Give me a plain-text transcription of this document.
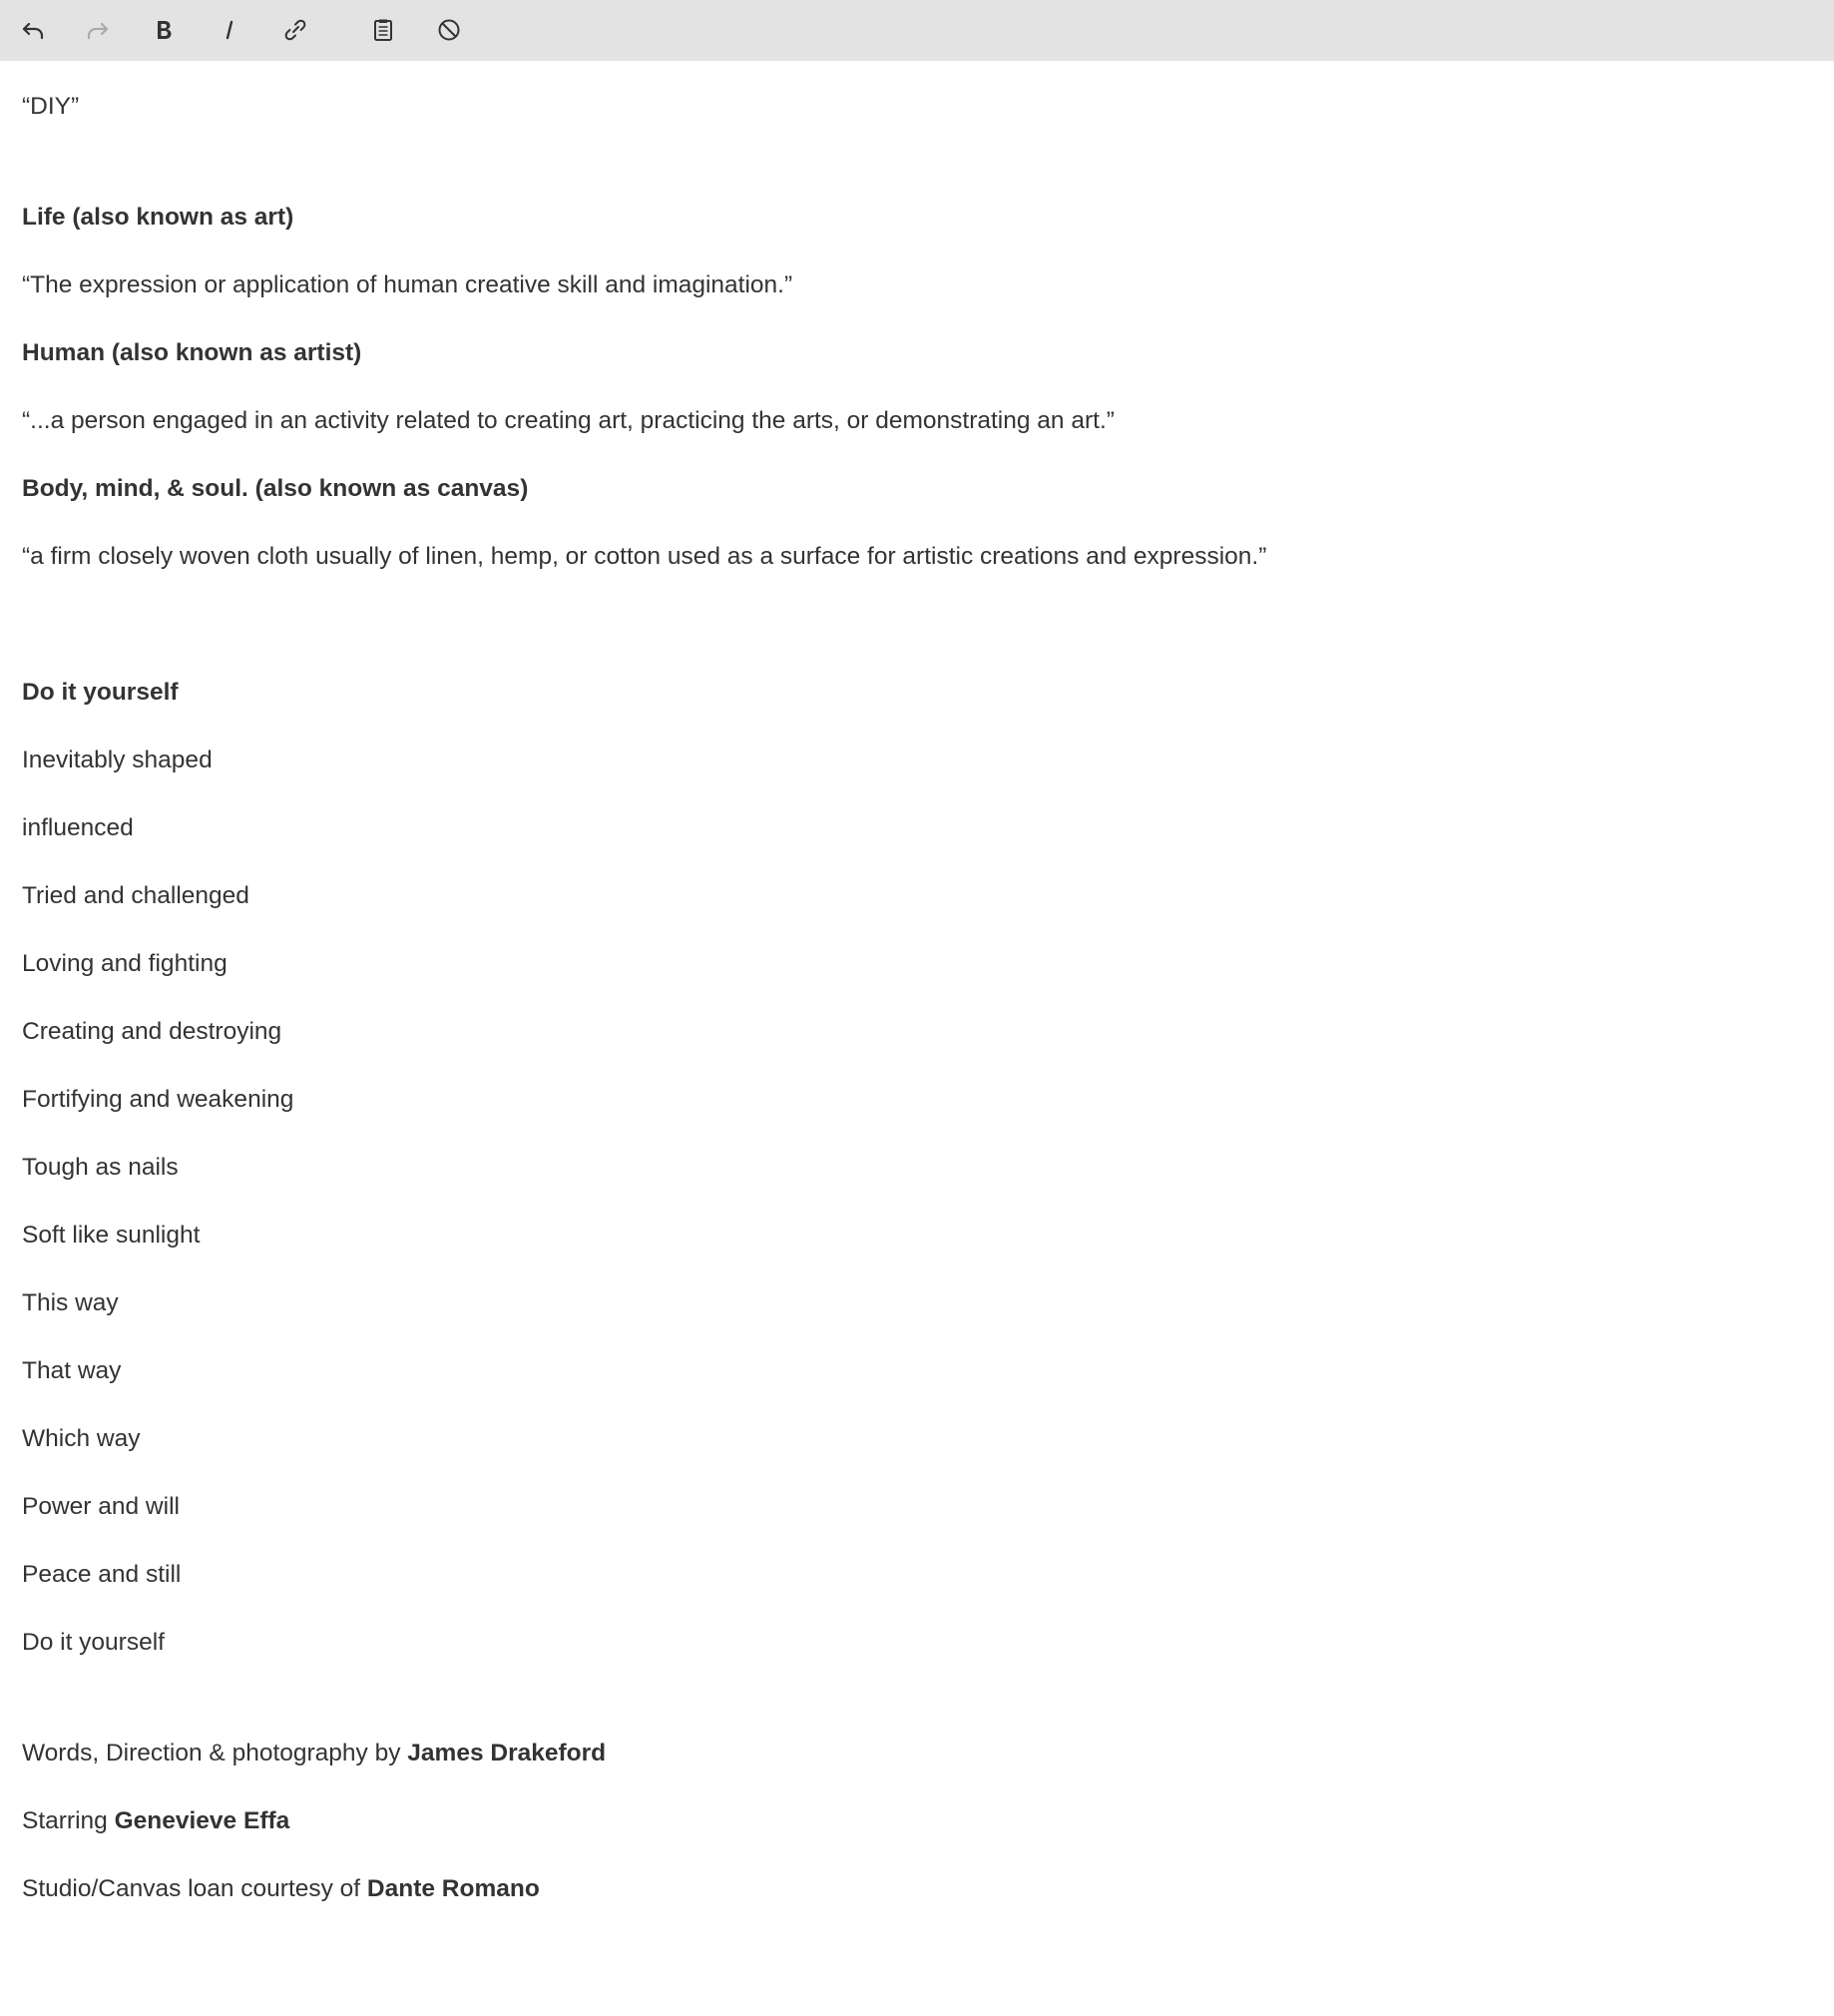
“DIY”
Life (also known as art)
“The expression or application of human creative skill and imagination.”
Human (also known as artist)
“...a person engaged in an activity related to creating art, practicing the arts, or demonstrating an art.”
Body, mind, & soul. (also known as canvas)
“a firm closely woven cloth usually of linen, hemp, or cotton used as a surface for artistic creations and expression.”
Do it yourself
Inevitably shaped
influenced
Tried and challenged
Loving and fighting
Creating and destroying
Fortifying and weakening
Tough as nails
Soft like sunlight
This way
That way
Which way
Power and will
Peace and still
Do it yourself
Words, Direction & photography by James Drakeford
Starring Genevieve Effa
Studio/Canvas loan courtesy of Dante Romano
